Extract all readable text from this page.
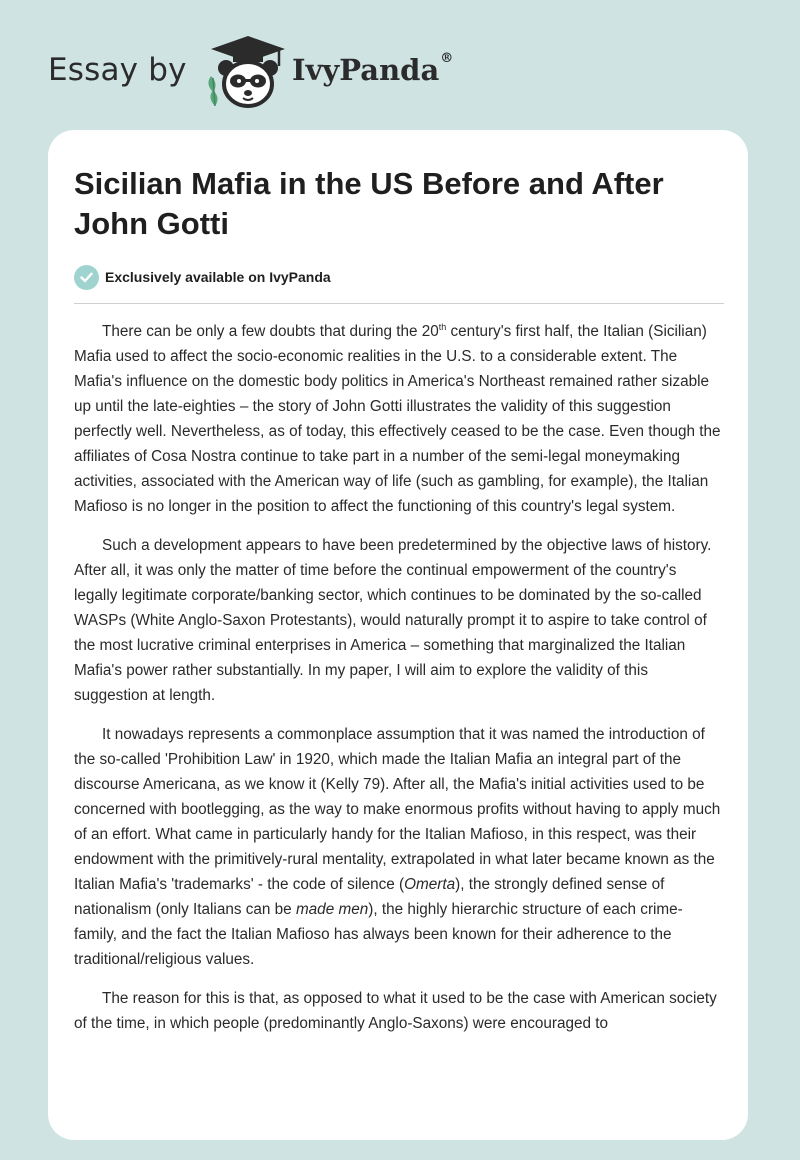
Essay by	IvyPanda®
Sicilian Mafia in the US Before and After John Gotti
Exclusively available on IvyPanda

There can be only a few doubts that during the 20th century's first half, the Italian (Sicilian) Mafia used to affect the socio-economic realities in the U.S. to a considerable extent. The Mafia's influence on the domestic body politics in America's Northeast remained rather sizable up until the late-eighties – the story of John Gotti illustrates the validity of this suggestion perfectly well. Nevertheless, as of today, this effectively ceased to be the case. Even though the affiliates of Cosa Nostra continue to take part in a number of the semi-legal moneymaking activities, associated with the American way of life (such as gambling, for example), the Italian Mafioso is no longer in the position to affect the functioning of this country's legal system.

Such a development appears to have been predetermined by the objective laws of history. After all, it was only the matter of time before the continual empowerment of the country's legally legitimate corporate/banking sector, which continues to be dominated by the so-called WASPs (White Anglo-Saxon Protestants), would naturally prompt it to aspire to take control of the most lucrative criminal enterprises in America – something that marginalized the Italian Mafia's power rather substantially. In my paper, I will aim to explore the validity of this suggestion at length.

It nowadays represents a commonplace assumption that it was named the introduction of the so-called 'Prohibition Law' in 1920, which made the Italian Mafia an integral part of the discourse Americana, as we know it (Kelly 79). After all, the Mafia's initial activities used to be concerned with bootlegging, as the way to make enormous profits without having to apply much of an effort. What came in particularly handy for the Italian Mafioso, in this respect, was their endowment with the primitively-rural mentality, extrapolated in what later became known as the Italian Mafia's 'trademarks' - the code of silence (Omerta), the strongly defined sense of nationalism (only Italians can be made men), the highly hierarchic structure of each crime-family, and the fact the Italian Mafioso has always been known for their adherence to the traditional/religious values.

The reason for this is that, as opposed to what it used to be the case with American society of the time, in which people (predominantly Anglo-Saxons) were encouraged to
